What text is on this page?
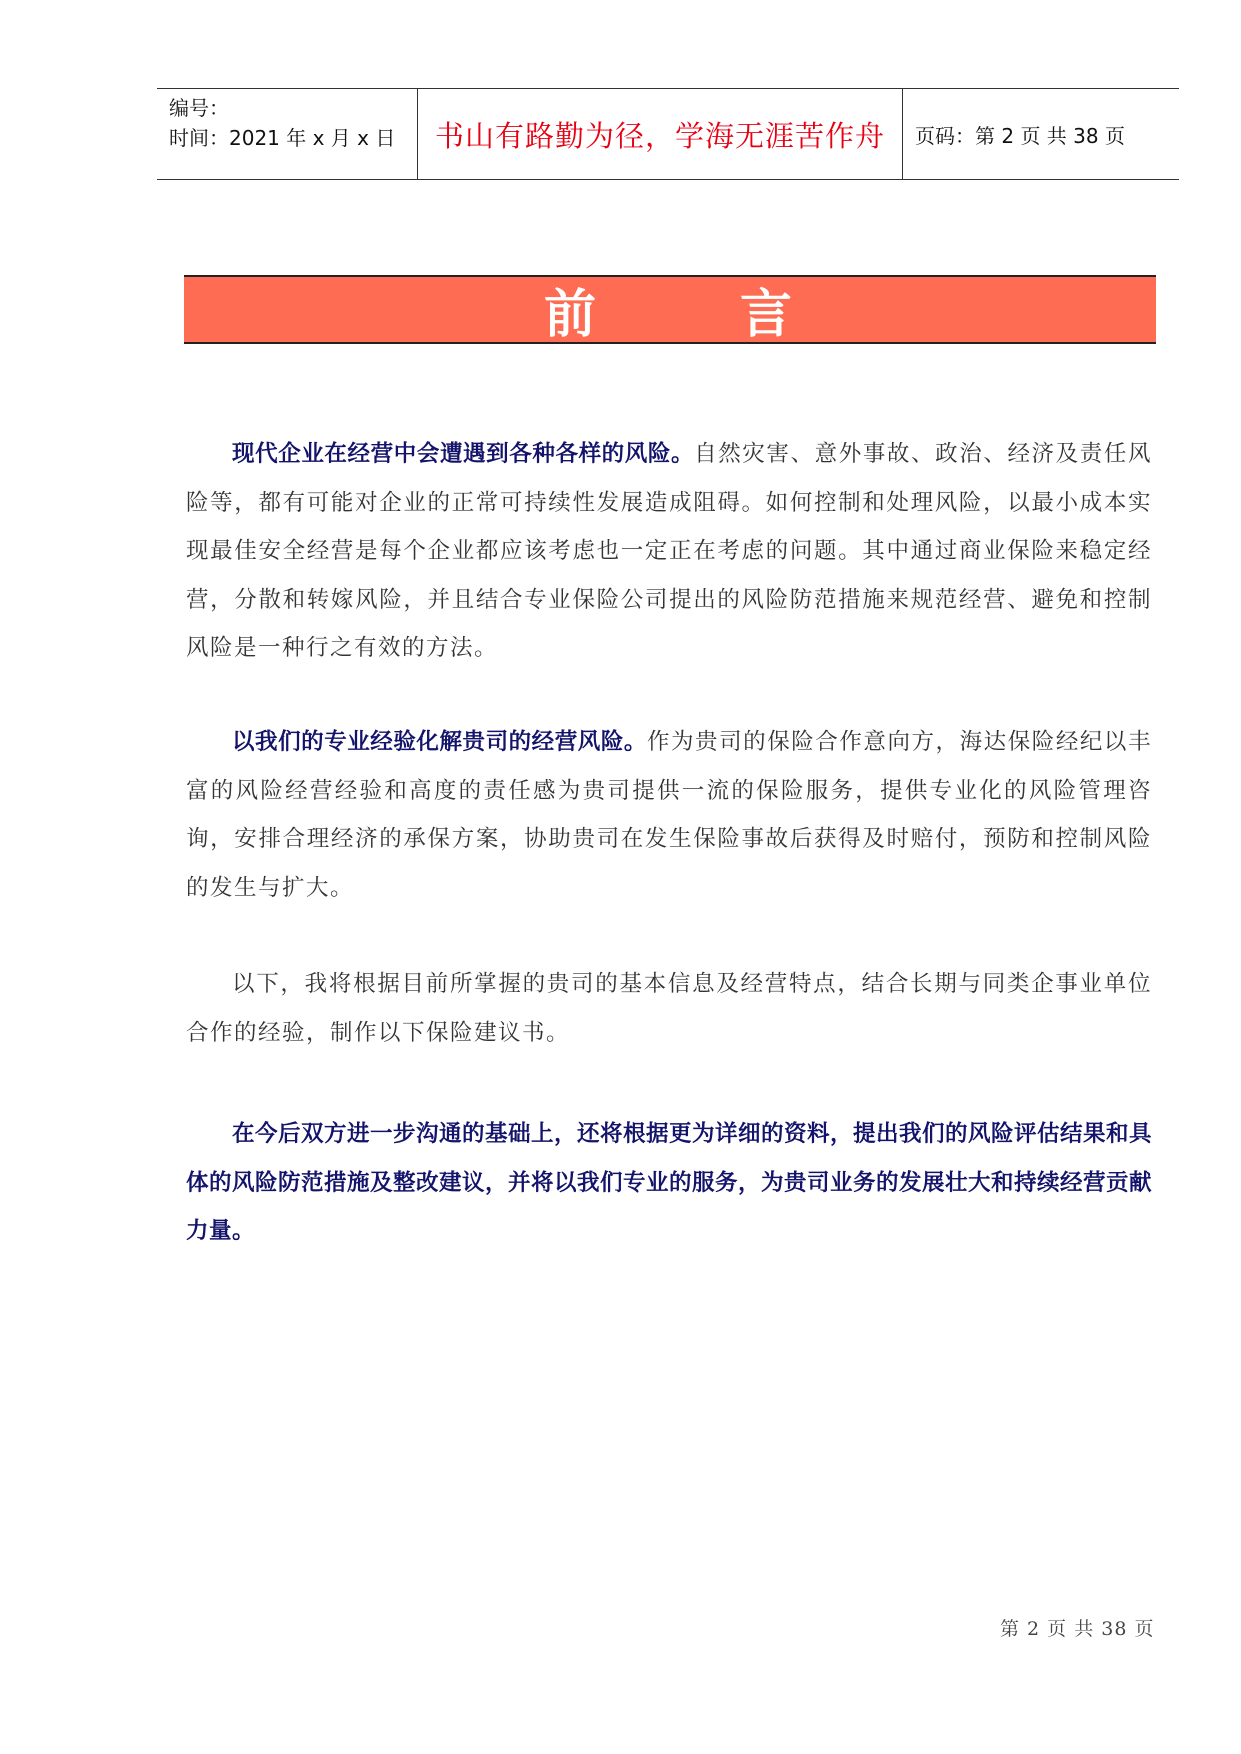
编号：
时间：2021 年 x 月 x 日	书山有路勤为径，学海无涯苦作舟 页码：第 2 页 共 38 页
前	言

现代企业在经营中会遭遇到各种各样的风险。自然灾害、意外事故、政治、经济及责任风险等，都有可能对企业的正常可持续性发展造成阻碍。如何控制和处理风险，以最小成本实现最佳安全经营是每个企业都应该考虑也一定正在考虑的问题。其中通过商业保险来稳定经营，分散和转嫁风险，并且结合专业保险公司提出的风险防范措施来规范经营、避免和控制风险是一种行之有效的方法。

以我们的专业经验化解贵司的经营风险。作为贵司的保险合作意向方，海达保险经纪以丰富的风险经营经验和高度的责任感为贵司提供一流的保险服务，提供专业化的风险管理咨询，安排合理经济的承保方案，协助贵司在发生保险事故后获得及时赔付，预防和控制风险的发生与扩大。

以下，我将根据目前所掌握的贵司的基本信息及经营特点，结合长期与同类企事业单位合作的经验，制作以下保险建议书。

在今后双方进一步沟通的基础上，还将根据更为详细的资料，提出我们的风险评估结果和具体的风险防范措施及整改建议，并将以我们专业的服务，为贵司业务的发展壮大和持续经营贡献力量。

第 2 页 共 38 页
